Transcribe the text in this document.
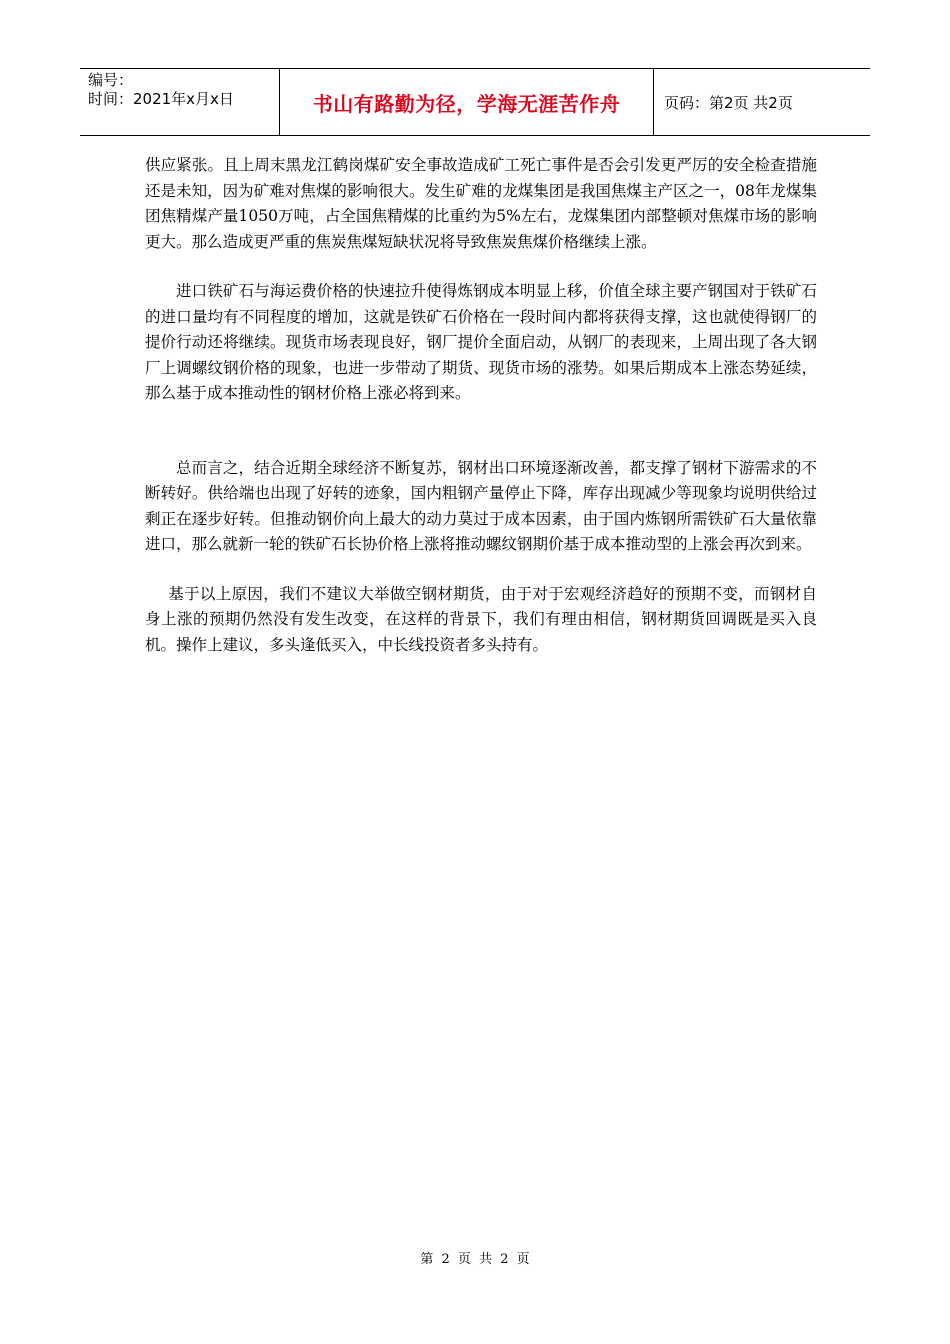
编号：
时间：2021年x月x日	书山有路勤为径，学海无涯苦作舟	页码：第2页 共2页

供应紧张。且上周末黑龙江鹤岗煤矿安全事故造成矿工死亡事件是否会引发更严厉的安全检查措施还是未知，因为矿难对焦煤的影响很大。发生矿难的龙煤集团是我国焦煤主产区之一，08年龙煤集团焦精煤产量1050万吨，占全国焦精煤的比重约为5%左右，龙煤集团内部整顿对焦煤市场的影响更大。那么造成更严重的焦炭焦煤短缺状况将导致焦炭焦煤价格继续上涨。

进口铁矿石与海运费价格的快速拉升使得炼钢成本明显上移，价值全球主要产钢国对于铁矿石的进口量均有不同程度的增加，这就是铁矿石价格在一段时间内都将获得支撑，这也就使得钢厂的提价行动还将继续。现货市场表现良好，钢厂提价全面启动，从钢厂的表现来，上周出现了各大钢厂上调螺纹钢价格的现象，也进一步带动了期货、现货市场的涨势。如果后期成本上涨态势延续，那么基于成本推动性的钢材价格上涨必将到来。

总而言之，结合近期全球经济不断复苏，钢材出口环境逐渐改善，都支撑了钢材下游需求的不断转好。供给端也出现了好转的迹象，国内粗钢产量停止下降，库存出现减少等现象均说明供给过剩正在逐步好转。但推动钢价向上最大的动力莫过于成本因素，由于国内炼钢所需铁矿石大量依靠进口，那么就新一轮的铁矿石长协价格上涨将推动螺纹钢期价基于成本推动型的上涨会再次到来。

基于以上原因，我们不建议大举做空钢材期货，由于对于宏观经济趋好的预期不变，而钢材自身上涨的预期仍然没有发生改变，在这样的背景下，我们有理由相信，钢材期货回调既是买入良机。操作上建议，多头逢低买入，中长线投资者多头持有。

第 2 页 共 2 页
